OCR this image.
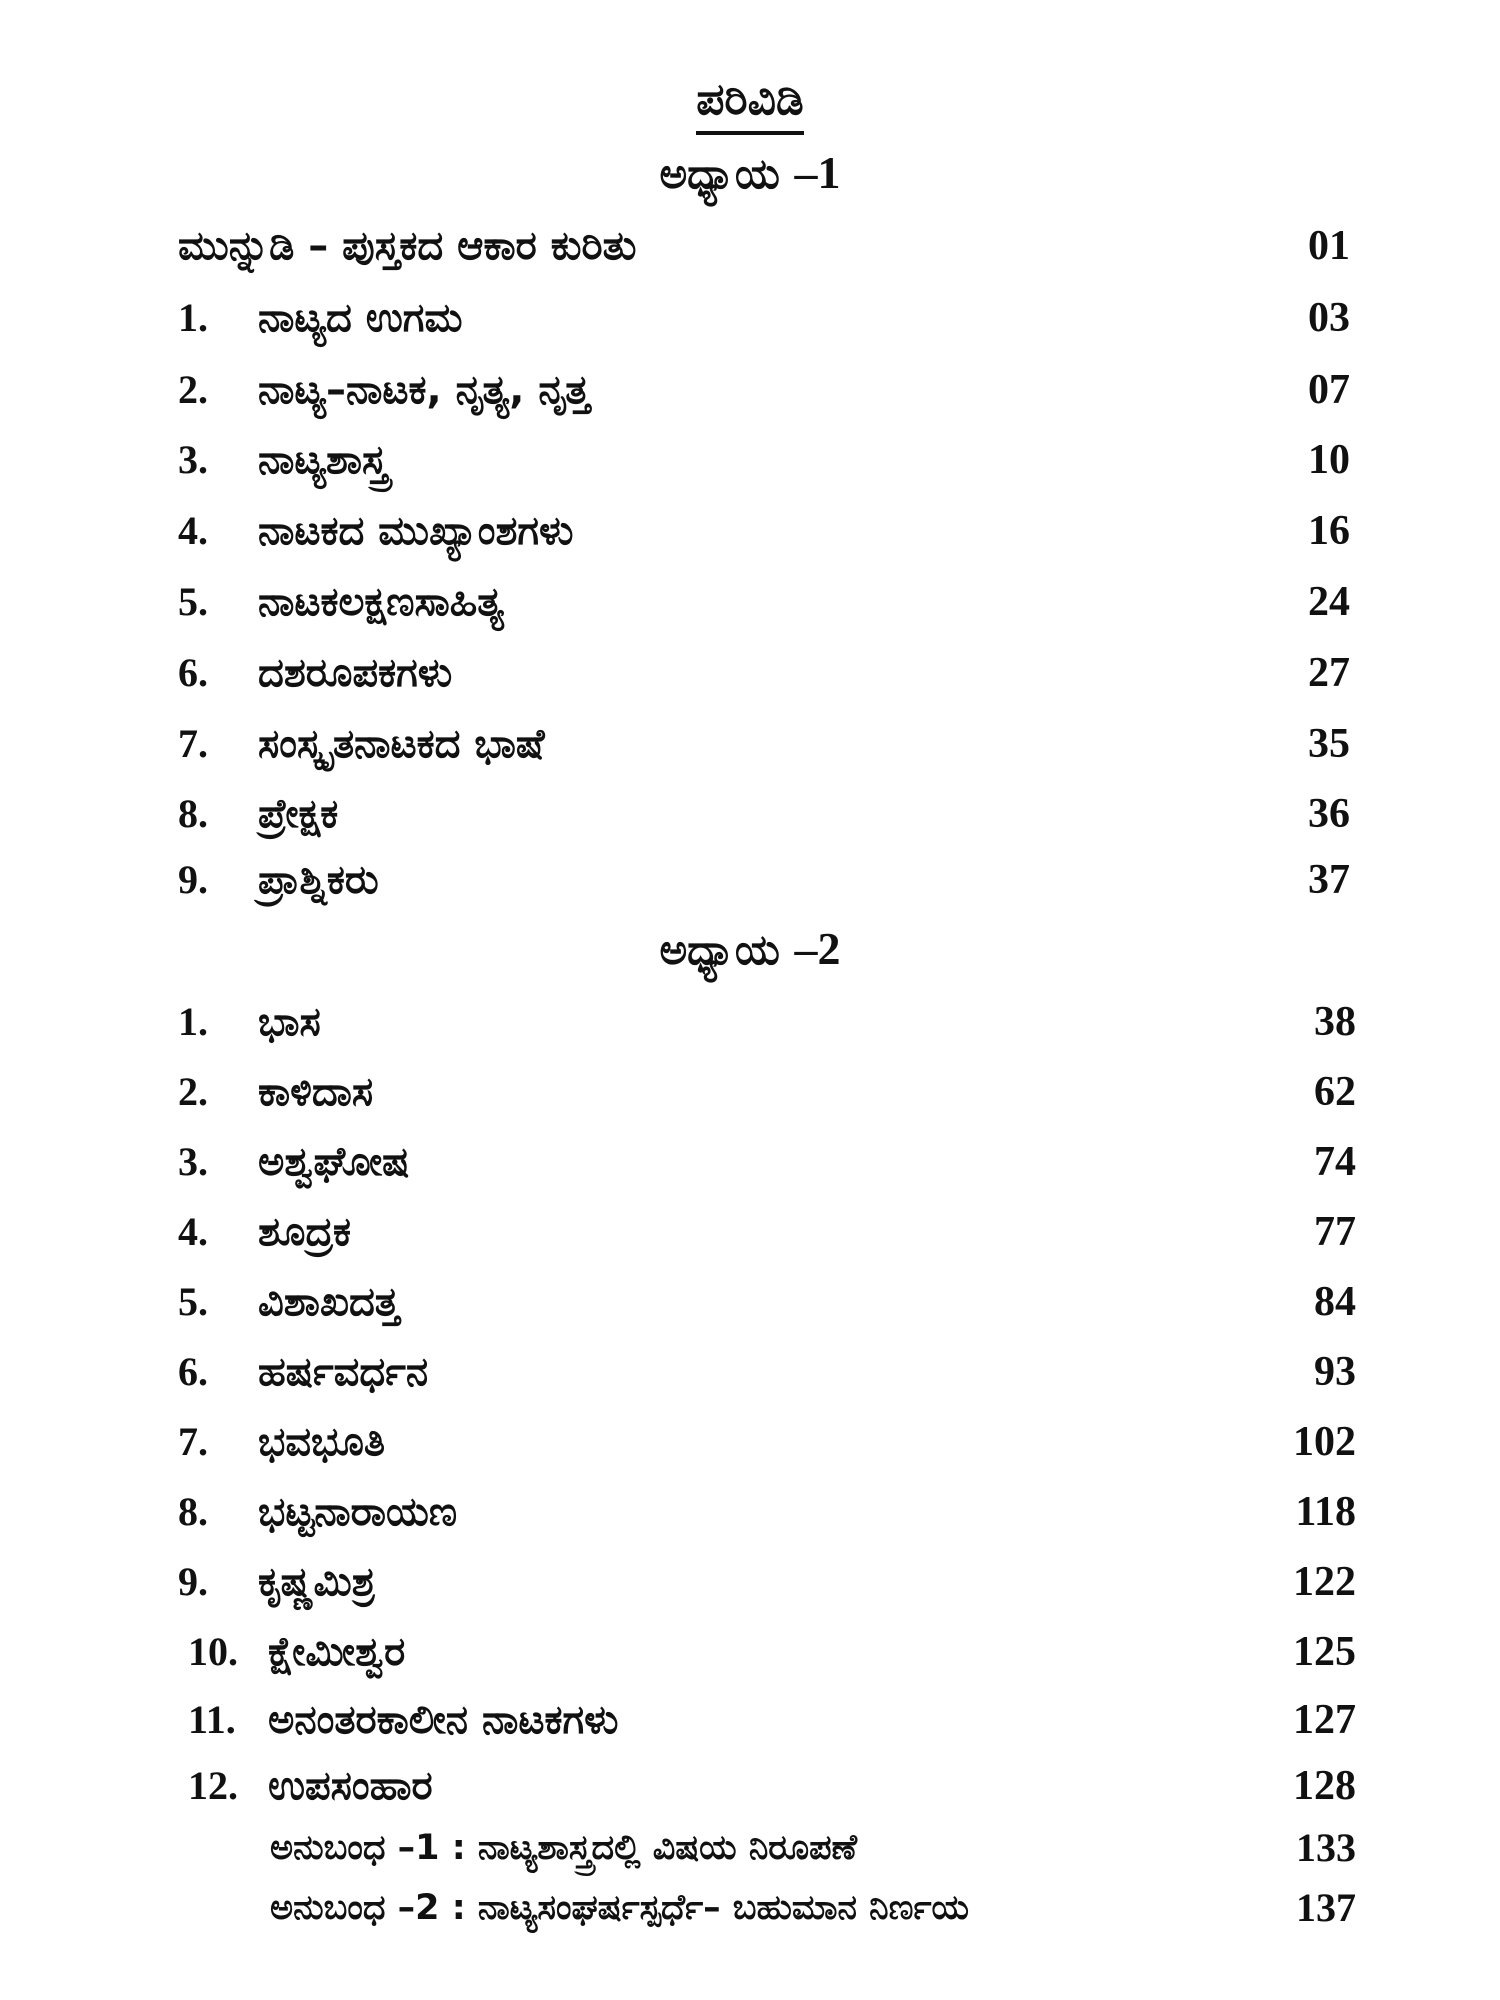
ಪರಿವಿಡಿ
ಅಧ್ಯಾಯ –1
ಮುನ್ನುಡಿ – ಪುಸ್ತಕದ ಆಕಾರ ಕುರಿತು	01
1. ನಾಟ್ಯದ ಉಗಮ	03
2. ನಾಟ್ಯ–ನಾಟಕ, ನೃತ್ಯ, ನೃತ್ತ	07
3. ನಾಟ್ಯಶಾಸ್ತ್ರ	10
4. ನಾಟಕದ ಮುಖ್ಯಾಂಶಗಳು	16
5. ನಾಟಕಲಕ್ಷಣಸಾಹಿತ್ಯ	24
6. ದಶರೂಪಕಗಳು	27
7. ಸಂಸ್ಕೃತನಾಟಕದ ಭಾಷೆ	35
8. ಪ್ರೇಕ್ಷಕ	36
9. ಪ್ರಾಶ್ನಿಕರು	37
ಅಧ್ಯಾಯ –2
1. ಭಾಸ	38
2. ಕಾಳಿದಾಸ	62
3. ಅಶ್ವಘೋಷ	74
4. ಶೂದ್ರಕ	77
5. ವಿಶಾಖದತ್ತ	84
6. ಹರ್ಷವರ್ಧನ	93
7. ಭವಭೂತಿ	102
8. ಭಟ್ಟನಾರಾಯಣ	118
9. ಕೃಷ್ಣಮಿಶ್ರ	122
10. ಕ್ಷೇಮೀಶ್ವರ	125
11. ಅನಂತರಕಾಲೀನ ನಾಟಕಗಳು	127
12. ಉಪಸಂಹಾರ	128
ಅನುಬಂಧ –1 : ನಾಟ್ಯಶಾಸ್ತ್ರದಲ್ಲಿ ವಿಷಯ ನಿರೂಪಣೆ	133
ಅನುಬಂಧ –2 : ನಾಟ್ಯಸಂಘರ್ಷಸ್ಪರ್ಧೆ– ಬಹುಮಾನ ನಿರ್ಣಯ	137
